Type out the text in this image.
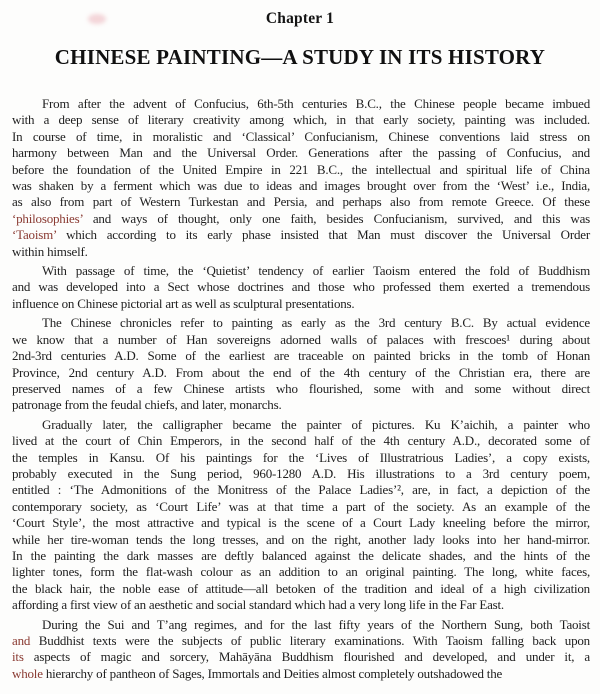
Chapter 1
CHINESE PAINTING—A STUDY IN ITS HISTORY
From after the advent of Confucius, 6th-5th centuries B.C., the Chinese people became imbued
with a deep sense of literary creativity among which, in that early society, painting was included.
In course of time, in moralistic and ‘Classical’ Confucianism, Chinese conventions laid stress on
harmony between Man and the Universal Order. Generations after the passing of Confucius, and
before the foundation of the United Empire in 221 B.C., the intellectual and spiritual life of China
was shaken by a ferment which was due to ideas and images brought over from the ‘West’ i.e., India,
as also from part of Western Turkestan and Persia, and perhaps also from remote Greece. Of these
‘philosophies’ and ways of thought, only one faith, besides Confucianism, survived, and this was
‘Taoism’ which according to its early phase insisted that Man must discover the Universal Order
within himself.
With passage of time, the ‘Quietist’ tendency of earlier Taoism entered the fold of Buddhism
and was developed into a Sect whose doctrines and those who professed them exerted a tremendous
influence on Chinese pictorial art as well as sculptural presentations.
The Chinese chronicles refer to painting as early as the 3rd century B.C. By actual evidence
we know that a number of Han sovereigns adorned walls of palaces with frescoes¹ during about
2nd-3rd centuries A.D. Some of the earliest are traceable on painted bricks in the tomb of Honan
Province, 2nd century A.D. From about the end of the 4th century of the Christian era, there are
preserved names of a few Chinese artists who flourished, some with and some without direct
patronage from the feudal chiefs, and later, monarchs.
Gradually later, the calligrapher became the painter of pictures. Ku K’aichih, a painter who
lived at the court of Chin Emperors, in the second half of the 4th century A.D., decorated some of
the temples in Kansu. Of his paintings for the ‘Lives of Illustratrious Ladies’, a copy exists,
probably executed in the Sung period, 960-1280 A.D. His illustrations to a 3rd century poem,
entitled : ‘The Admonitions of the Monitress of the Palace Ladies’², are, in fact, a depiction of the
contemporary society, as ‘Court Life’ was at that time a part of the society. As an example of the
‘Court Style’, the most attractive and typical is the scene of a Court Lady kneeling before the mirror,
while her tire-woman tends the long tresses, and on the right, another lady looks into her hand-mirror.
In the painting the dark masses are deftly balanced against the delicate shades, and the hints of the
lighter tones, form the flat-wash colour as an addition to an original painting. The long, white faces,
the black hair, the noble ease of attitude—all betoken of the tradition and ideal of a high civilization
affording a first view of an aesthetic and social standard which had a very long life in the Far East.
During the Sui and T’ang regimes, and for the last fifty years of the Northern Sung, both Taoist
and Buddhist texts were the subjects of public literary examinations. With Taoism falling back upon
its aspects of magic and sorcery, Mahāyāna Buddhism flourished and developed, and under it, a
whole hierarchy of pantheon of Sages, Immortals and Deities almost completely outshadowed the
